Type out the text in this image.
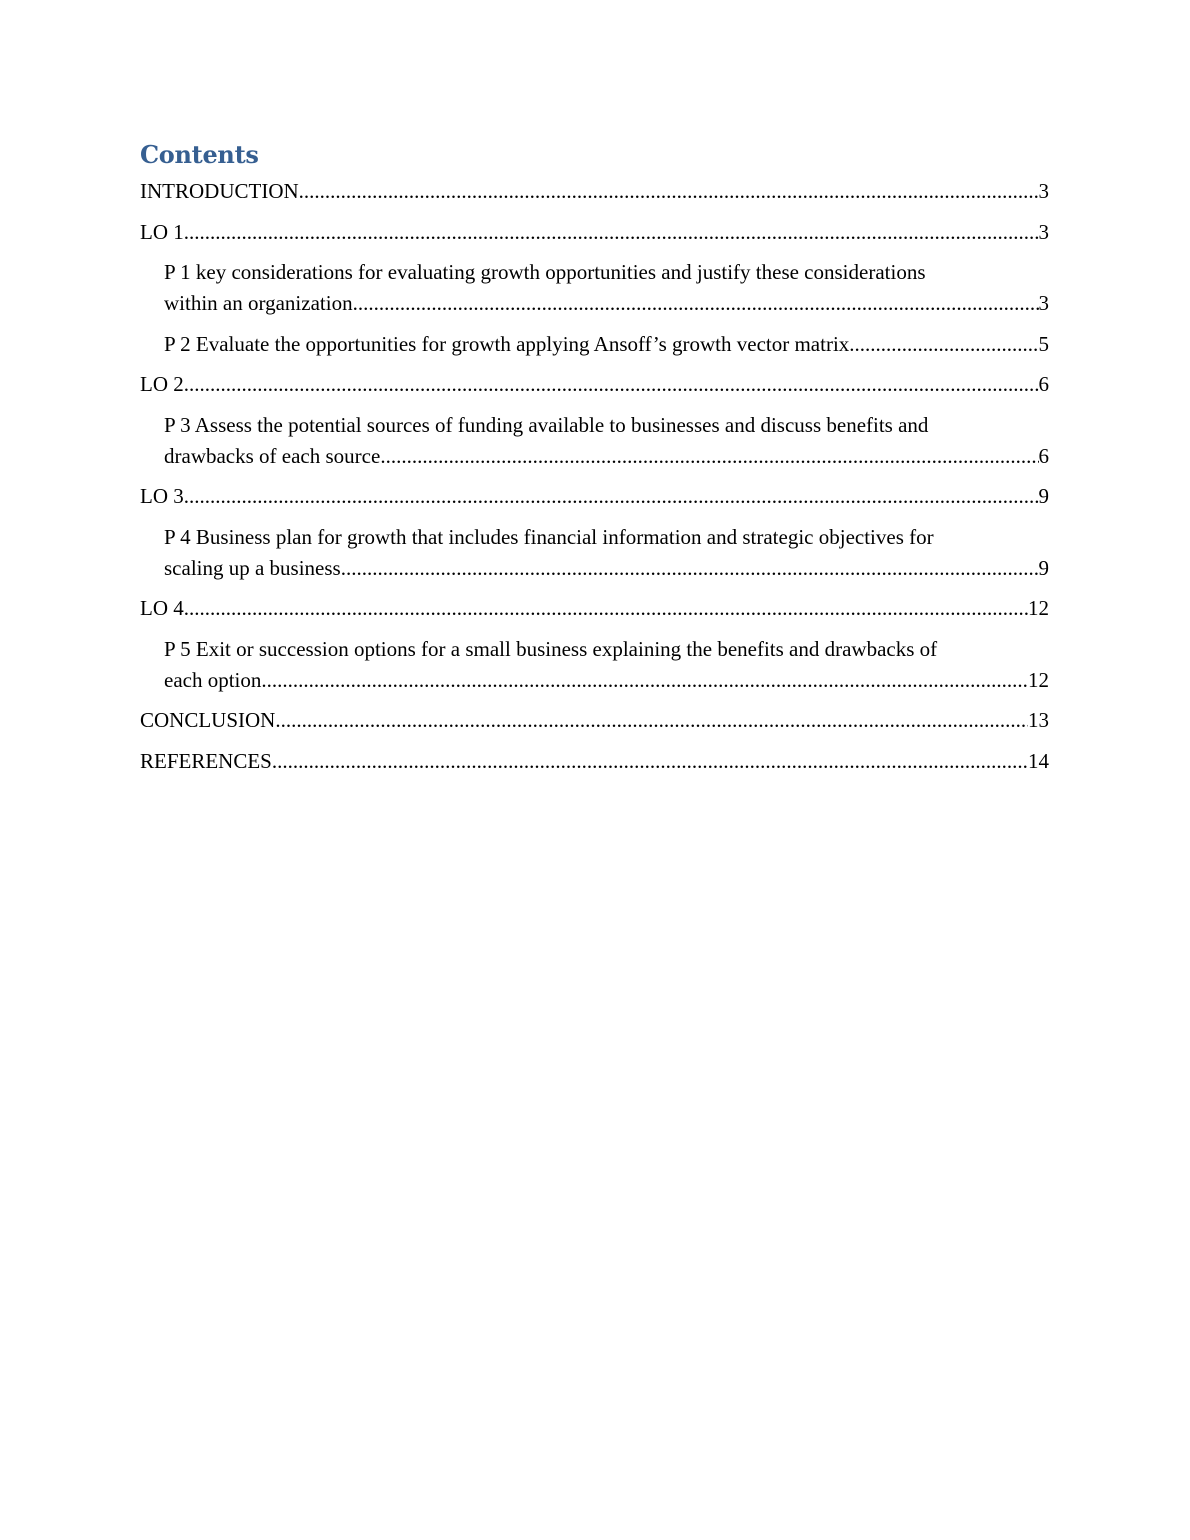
Contents
INTRODUCTION .....	3
LO 1 .....	3
P 1 key considerations for evaluating growth opportunities and justify these considerations
within an organization .....	3
P 2 Evaluate the opportunities for growth applying Ansoff’s growth vector matrix .....	5
LO 2 .....	6
P 3 Assess the potential sources of funding available to businesses and discuss benefits and
drawbacks of each source .....	6
LO 3 .....	9
P 4 Business plan for growth that includes financial information and strategic objectives for
scaling up a business .....	9
LO 4 .....	12
P 5 Exit or succession options for a small business explaining the benefits and drawbacks of
each option .....	12
CONCLUSION .....	13
REFERENCES .....	14
